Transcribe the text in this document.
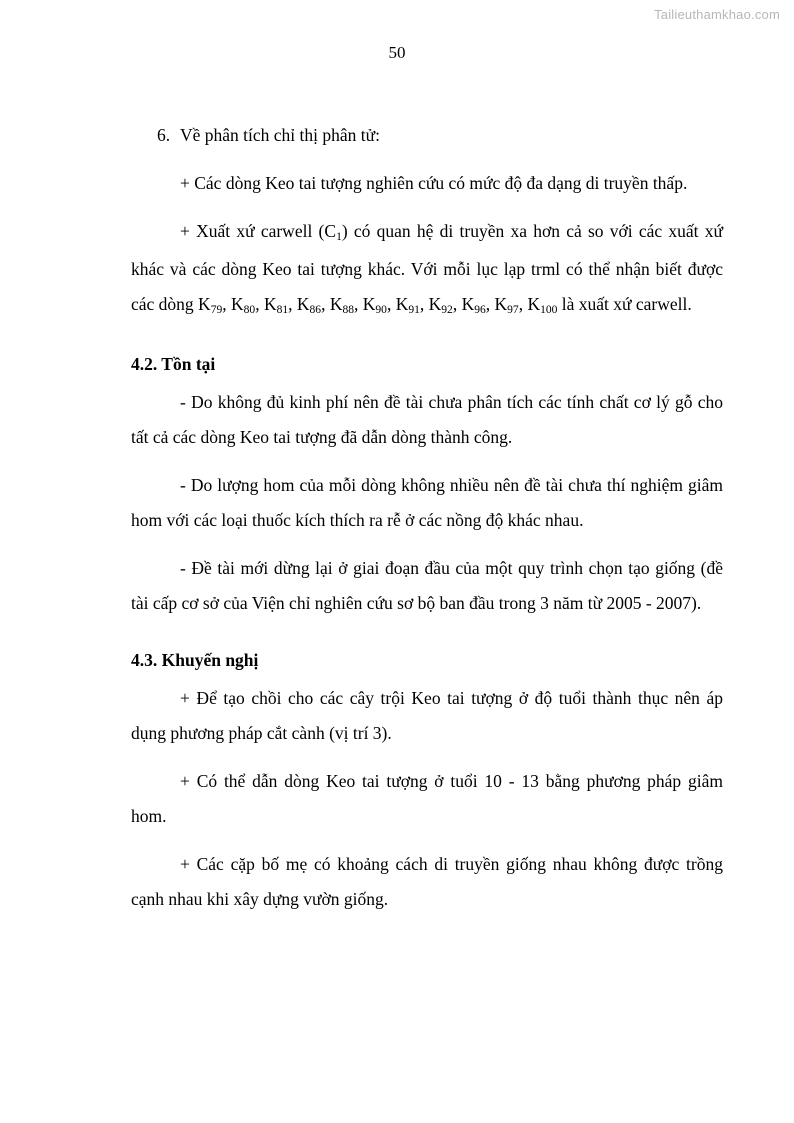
Tailieuthamkhao.com
50

6. Về phân tích chỉ thị phân tử:

+ Các dòng Keo tai tượng nghiên cứu có mức độ đa dạng di truyền thấp.

+ Xuất xứ carwell $(C_1)$ có quan hệ di truyền xa hơn cả so với các xuất xứ khác và các dòng Keo tai tượng khác. Với mỗi lục lạp trml có thể nhận biết được các dòng $K_{79}$, $K_{80}$, $K_{81}$, $K_{86}$, $K_{88}$, $K_{90}$, $K_{91}$, $K_{92}$, $K_{96}$, $K_{97}$, $K_{100}$ là xuất xứ carwell.

4.2. Tồn tại

- Do không đủ kinh phí nên đề tài chưa phân tích các tính chất cơ lý gỗ cho tất cả các dòng Keo tai tượng đã dẫn dòng thành công.

- Do lượng hom của mỗi dòng không nhiều nên đề tài chưa thí nghiệm giâm hom với các loại thuốc kích thích ra rễ ở các nồng độ khác nhau.

- Đề tài mới dừng lại ở giai đoạn đầu của một quy trình chọn tạo giống (đề tài cấp cơ sở của Viện chỉ nghiên cứu sơ bộ ban đầu trong 3 năm từ 2005 - 2007).

4.3. Khuyến nghị

+ Để tạo chồi cho các cây trội Keo tai tượng ở độ tuổi thành thục nên áp dụng phương pháp cắt cành (vị trí 3).

+ Có thể dẫn dòng Keo tai tượng ở tuổi 10 - 13 bằng phương pháp giâm hom.

+ Các cặp bố mẹ có khoảng cách di truyền giống nhau không được trồng cạnh nhau khi xây dựng vườn giống.
